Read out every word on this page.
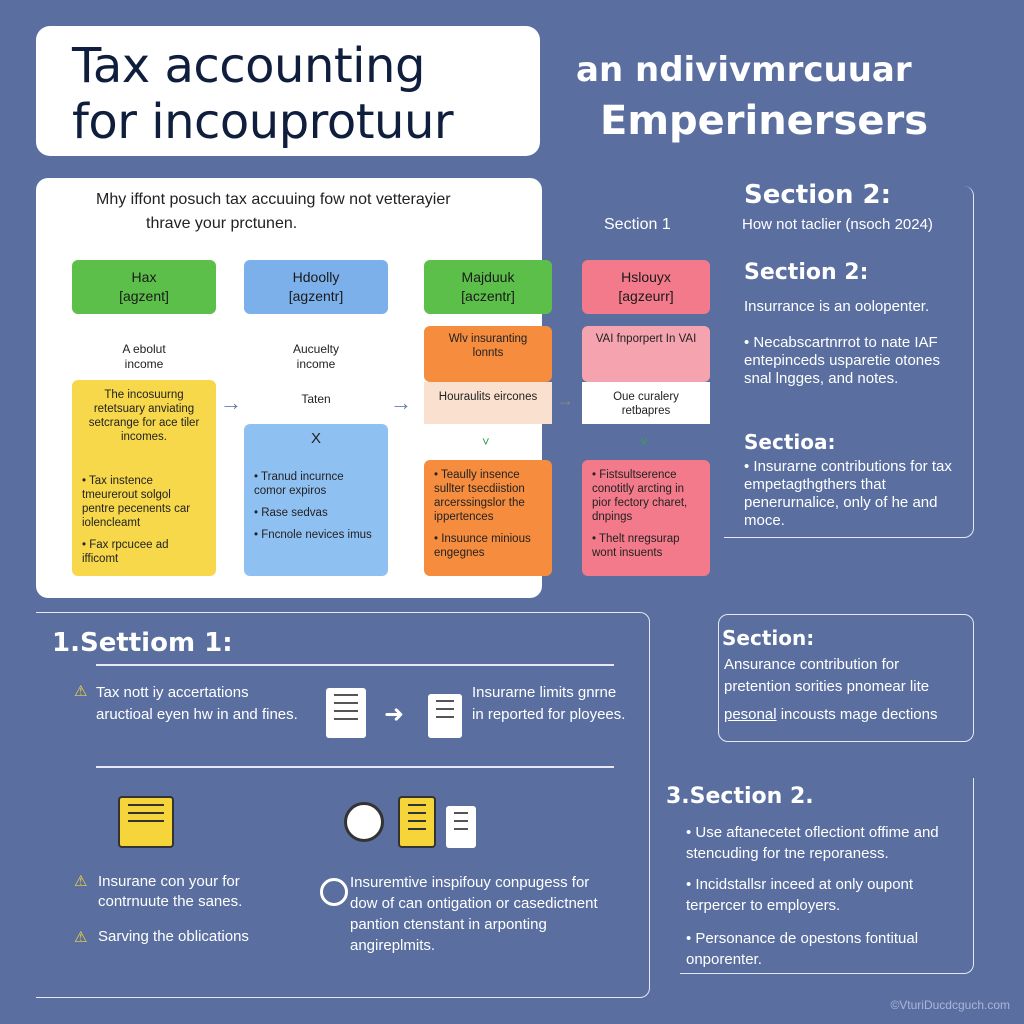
Tax accounting
for incouprotuur
an ndivivmrcuuar
Emperinersers
Mhy iffont posuch tax accuuing fow not vetterayier
thrave your prctunen.	Section 1
Hax
[agzent]
A ebolut
income
The incosuurng retetsuary anviating setcrange for ace tiler incomes.
• Tax instence tmeurerout solgol pentre pecenents car iolencleamt
• Fax rpcucee ad ifficomt
→
Hdoolly
[agzentr]
Aucuelty
income
Taten
X
• Tranud incurnce comor expiros
• Rase sedvas
• Fncnole nevices imus
→
Majduuk
[aczentr]
Wlv insuranting lonnts
Houraulits eircones
˅
• Teaully insence sullter tsecdiistion arcerssingslor the ippertences
• Insuunce minious engegnes
→
Hslouyx
[agzeurr]
VAI fnporpert In VAI
Oue curalery retbapres
˅
• Fistsultserence conotitly arcting in pior fectory charet, dnpings
• Thelt nregsurap wont insuents
Section 2:
How not taclier (nsoch 2024)
Section 2:
Insurrance is an oolopenter.
• Necabscartnrrot to nate IAF entepinceds usparetie otones snal lngges, and notes.
Sectioa:
• Insurarne contributions for tax empetagthgthers that penerurnalice, only of he and moce.
1.Settiom 1:
⚠ Tax nott iy accertations aructioal eyen hw in and fines.	➜
Insurarne limits gnrne in reported for ployees.
⚠ Insurane con your for contrnuute the sanes.
⚠ Sarving the oblications
Insuremtive inspifouy conpugess for dow of can ontigation or casedictnent pantion ctenstant in arponting angireplmits.
Section:
Ansurance contribution for
pretention sorities pnomear lite
pesonal incousts mage dections
3.Section 2.
• Use aftanecetet oflectiont offime and stencuding for tne reporaness.
• Incidstallsr inceed at only oupont terpercer to employers.
• Personance de opestons fontitual onporenter.
©VturiDucdcguch.com
